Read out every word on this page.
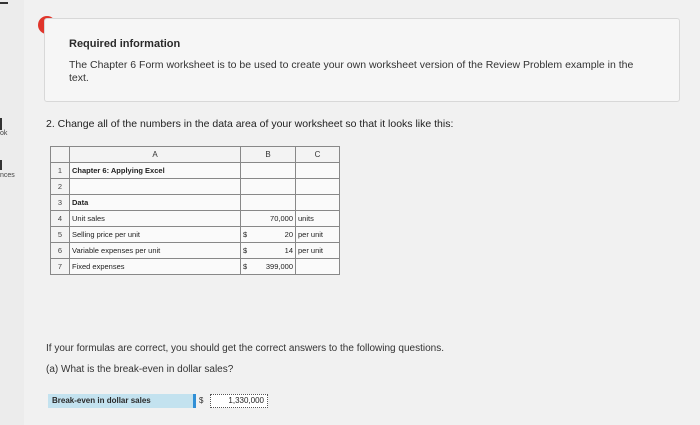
ok
nces
Required information
The Chapter 6 Form worksheet is to be used to create your own worksheet version of the Review Problem example in the text.
2. Change all of the numbers in the data area of your worksheet so that it looks like this:
	A	B	C
1	Chapter 6: Applying Excel	

2		

3	Data	

4	Unit sales	70,000	units
5	Selling price per unit	$ 20	per unit
6	Variable expenses per unit	$ 14	per unit
7	Fixed expenses	$ 399,000	

If your formulas are correct, you should get the correct answers to the following questions.
(a) What is the break-even in dollar sales?
Break-even in dollar sales	$	1,330,000
